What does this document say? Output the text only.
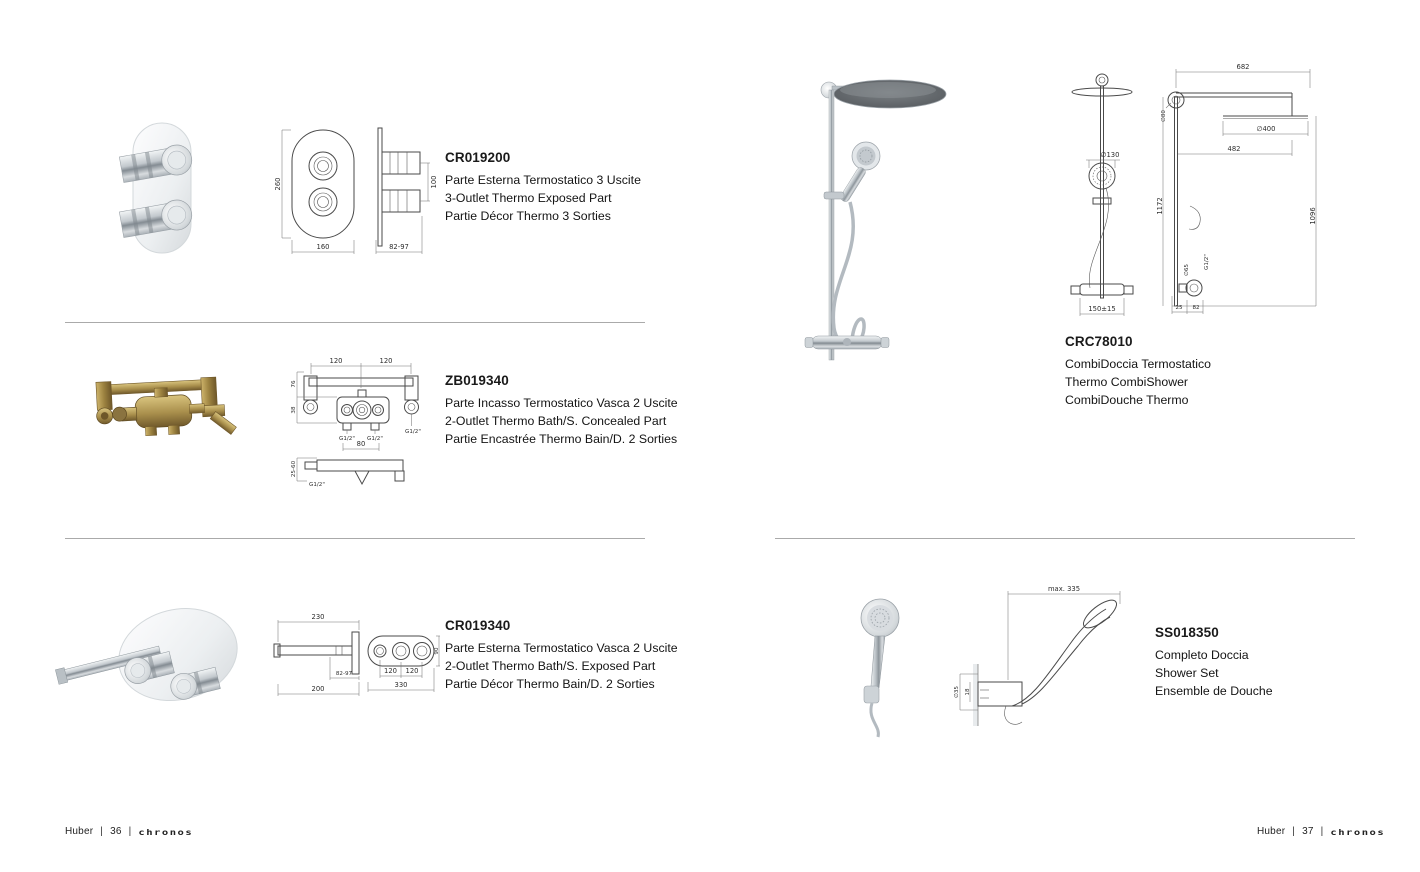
260
160
100
82-97
CR019200
Parte Esterna Termostatico 3 Uscite
3-Outlet Thermo Exposed Part
Partie Décor Thermo 3 Sorties
120	120
76
38
G1/2" G1/2"
G1/2"
80
25-60
G1/2"
ZB019340
Parte Incasso Termostatico Vasca 2 Uscite
2-Outlet Thermo Bath/S. Concealed Part
Partie Encastrée Thermo Bain/D. 2 Sorties
230
82-97
200
120 120
330
90
CR019340
Parte Esterna Termostatico Vasca 2 Uscite
2-Outlet Thermo Bath/S. Exposed Part
Partie Décor Thermo Bain/D. 2 Sorties
Huber | 36 | chronos
∅130
150±15
∅80
682
∅400
482
1172
1096
G1/2"
∅65
25 82
CRC78010
CombiDoccia Termostatico
Thermo CombiShower
CombiDouche Thermo
max. 335
∅35 18
SS018350
Completo Doccia
Shower Set
Ensemble de Douche
Huber | 37 | chronos
